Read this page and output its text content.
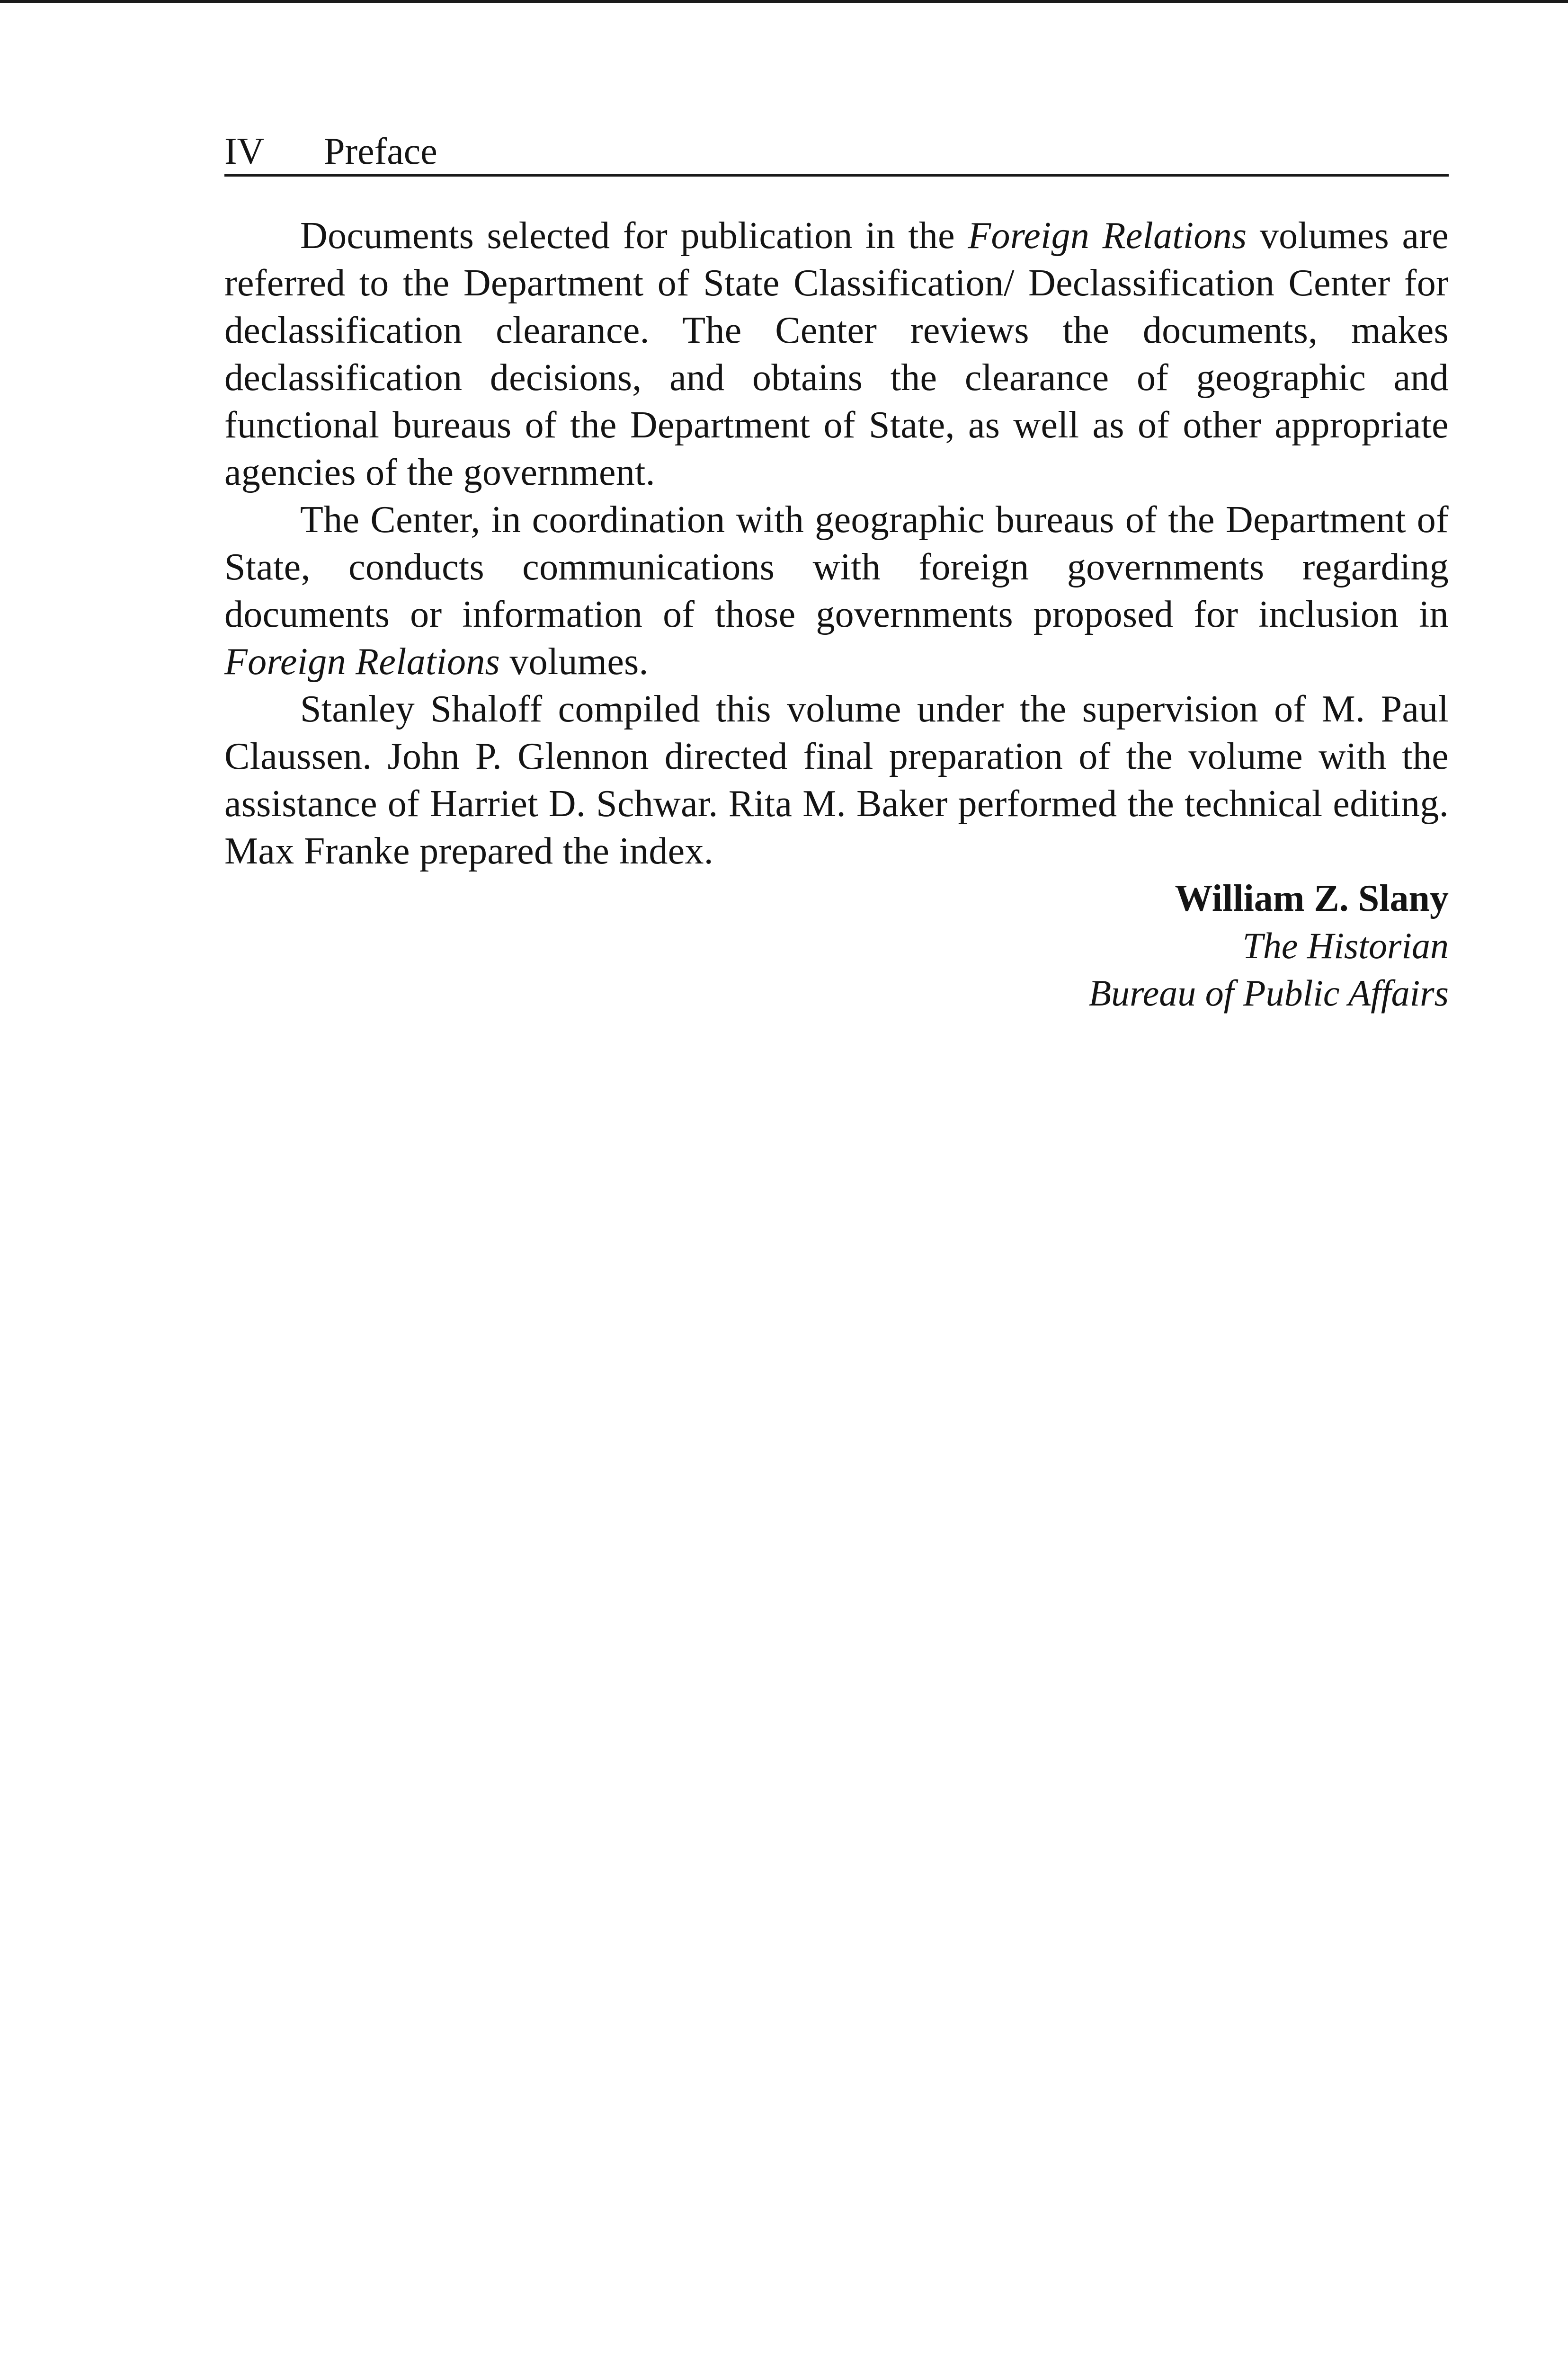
IV Preface

Documents selected for publication in the Foreign Relations volumes are referred to the Department of State Classification/ Declassification Center for declassification clearance. The Center reviews the documents, makes declassification decisions, and obtains the clearance of geographic and functional bureaus of the Department of State, as well as of other appropriate agencies of the government.

The Center, in coordination with geographic bureaus of the Department of State, conducts communications with foreign governments regarding documents or information of those governments proposed for inclusion in Foreign Relations volumes.

Stanley Shaloff compiled this volume under the supervision of M. Paul Claussen. John P. Glennon directed final preparation of the volume with the assistance of Harriet D. Schwar. Rita M. Baker performed the technical editing. Max Franke prepared the index.

William Z. Slany
The Historian
Bureau of Public Affairs
